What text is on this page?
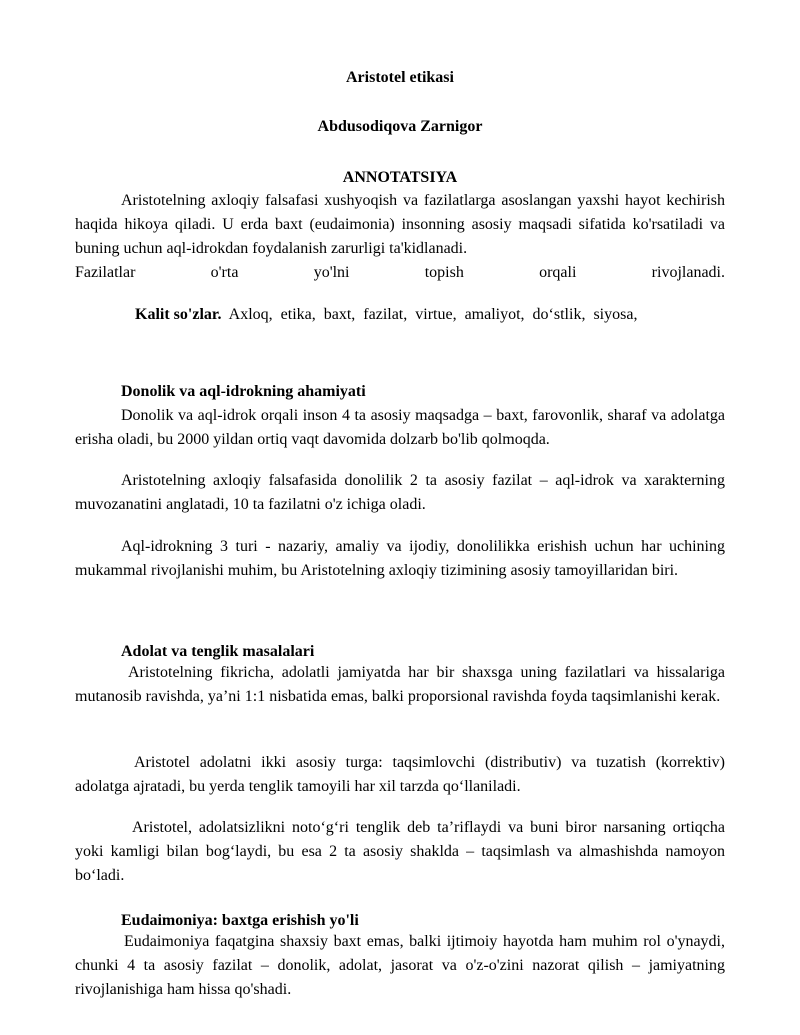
Aristotel etikasi
Abdusodiqova Zarnigor
ANNOTATSIYA
Aristotelning axloqiy falsafasi xushyoqish va fazilatlarga asoslangan yaxshi hayot kechirish haqida hikoya qiladi. U erda baxt (eudaimonia) insonning asosiy maqsadi sifatida ko'rsatiladi va buning uchun aql-idrokdan foydalanish zarurligi ta'kidlanadi.
Fazilatlar o'rta yo'lni topish orqali rivojlanadi.
Kalit so'zlar. Axloq, etika, baxt, fazilat, virtue, amaliyot, do‘stlik, siyosa,
Donolik va aql-idrokning ahamiyati
Donolik va aql-idrok orqali inson 4 ta asosiy maqsadga – baxt, farovonlik, sharaf va adolatga erisha oladi, bu 2000 yildan ortiq vaqt davomida dolzarb bo'lib qolmoqda.
Aristotelning axloqiy falsafasida donolilik 2 ta asosiy fazilat – aql-idrok va xarakterning muvozanatini anglatadi, 10 ta fazilatni o'z ichiga oladi.
Aql-idrokning 3 turi - nazariy, amaliy va ijodiy, donolilikka erishish uchun har uchining mukammal rivojlanishi muhim, bu Aristotelning axloqiy tizimining asosiy tamoyillaridan biri.
Adolat va tenglik masalalari
Aristotelning fikricha, adolatli jamiyatda har bir shaxsga uning fazilatlari va hissalariga mutanosib ravishda, ya’ni 1:1 nisbatida emas, balki proporsional ravishda foyda taqsimlanishi kerak.
Aristotel adolatni ikki asosiy turga: taqsimlovchi (distributiv) va tuzatish (korrektiv) adolatga ajratadi, bu yerda tenglik tamoyili har xil tarzda qo‘llaniladi.
Aristotel, adolatsizlikni noto‘g‘ri tenglik deb ta’riflaydi va buni biror narsaning ortiqcha yoki kamligi bilan bog‘laydi, bu esa 2 ta asosiy shaklda – taqsimlash va almashishda namoyon bo‘ladi.
Eudaimoniya: baxtga erishish yo'li
Eudaimoniya faqatgina shaxsiy baxt emas, balki ijtimoiy hayotda ham muhim rol o'ynaydi, chunki 4 ta asosiy fazilat – donolik, adolat, jasorat va o'z-o'zini nazorat qilish – jamiyatning rivojlanishiga ham hissa qo'shadi.
